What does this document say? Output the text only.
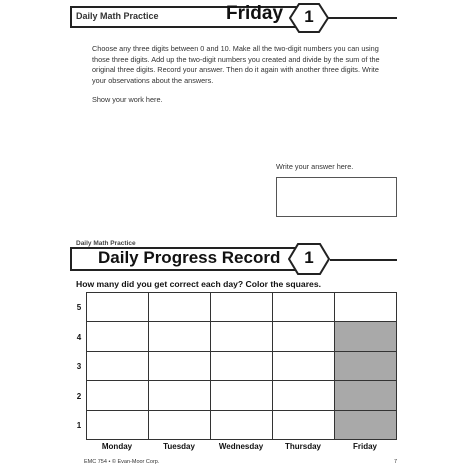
Daily Math Practice	Friday	1
Choose any three digits between 0 and 10. Make all the two-digit numbers you can using those three digits. Add up the two-digit numbers you created and divide by the sum of the original three digits. Record your answer. Then do it again with another three digits. Write your observations about the answers.
Show your work here.
Write your answer here.
Daily Math Practice
Daily Progress Record	1
How many did you get correct each day? Color the squares.
5
4
3
2
1
Monday	Tuesday	Wednesday	Thursday	Friday
EMC 754 • © Evan-Moor Corp.	7
